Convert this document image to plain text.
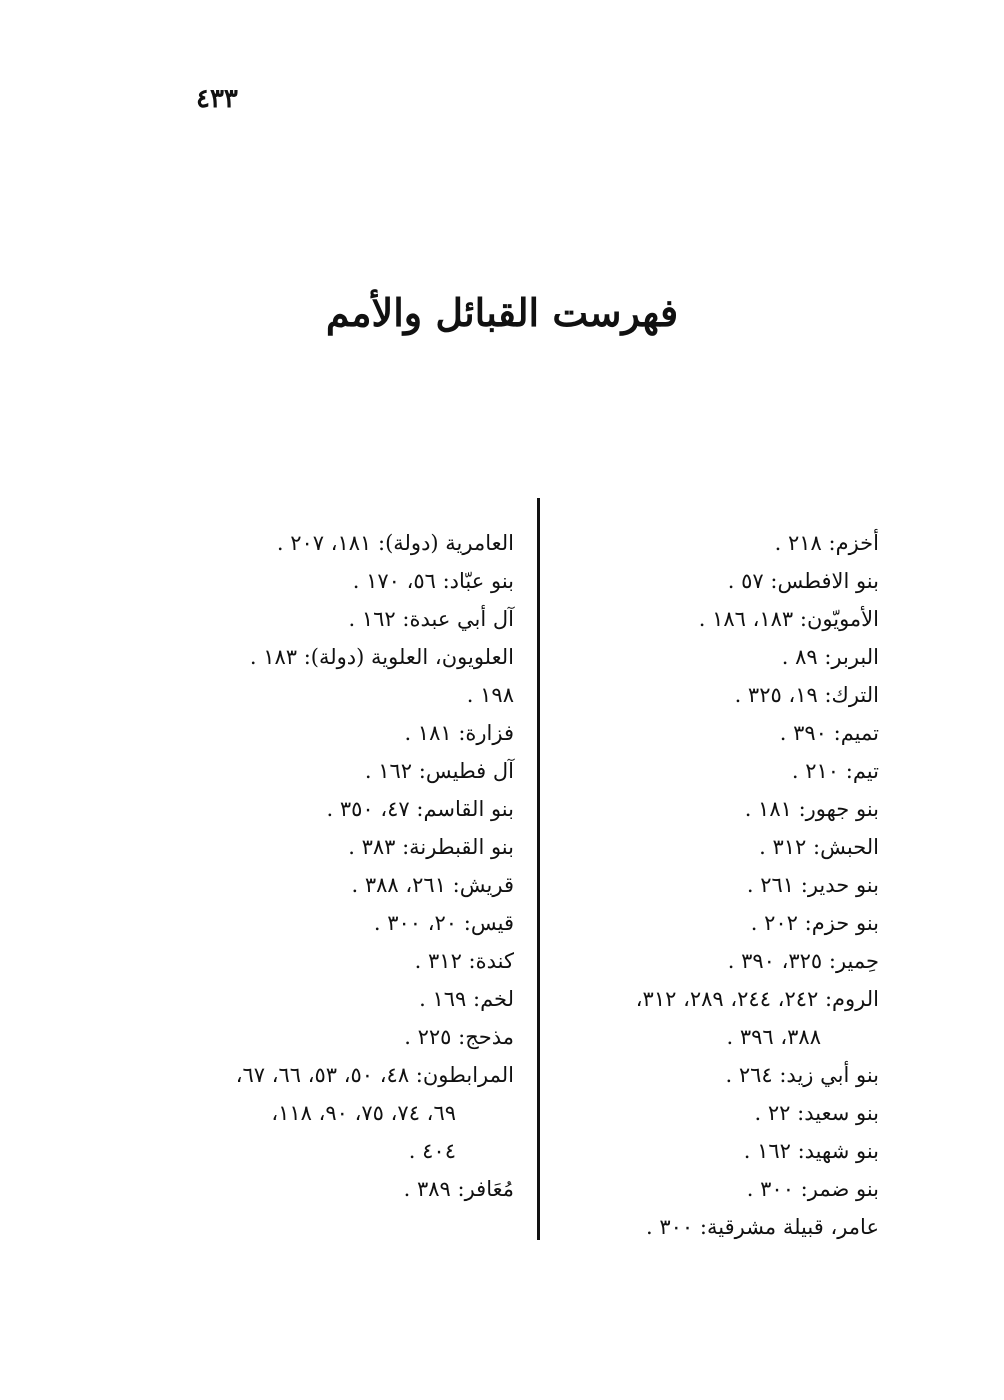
٤٣٣
فهرست القبائل والأمم
أخزم: ٢١٨ .
بنو الافطس: ٥٧ .
الأمويّون: ١٨٣، ١٨٦ .
البربر: ٨٩ .
الترك: ١٩، ٣٢٥ .
تميم: ٣٩٠ .
تيم: ٢١٠ .
بنو جهور: ١٨١ .
الحبش: ٣١٢ .
بنو حدير: ٢٦١ .
بنو حزم: ٢٠٢ .
حِمير: ٣٢٥، ٣٩٠ .
الروم: ٢٤٢، ٢٤٤، ٢٨٩، ٣١٢،
٣٨٨، ٣٩٦ .
بنو أبي زيد: ٢٦٤ .
بنو سعيد: ٢٢ .
بنو شهيد: ١٦٢ .
بنو ضمر: ٣٠٠ .
عامر، قبيلة مشرقية: ٣٠٠ .
العامرية (دولة): ١٨١، ٢٠٧ .
بنو عبّاد: ٥٦، ١٧٠ .
آل أبي عبدة: ١٦٢ .
العلويون، العلوية (دولة): ١٨٣ .
١٩٨ .
فزارة: ١٨١ .
آل فطيس: ١٦٢ .
بنو القاسم: ٤٧، ٣٥٠ .
بنو القبطرنة: ٣٨٣ .
قريش: ٢٦١، ٣٨٨ .
قيس: ٢٠، ٣٠٠ .
كندة: ٣١٢ .
لخم: ١٦٩ .
مذحج: ٢٢٥ .
المرابطون: ٤٨، ٥٠، ٥٣، ٦٦، ٦٧،
٦٩، ٧٤، ٧٥، ٩٠، ١١٨،
٤٠٤ .
مُعَافر: ٣٨٩ .
